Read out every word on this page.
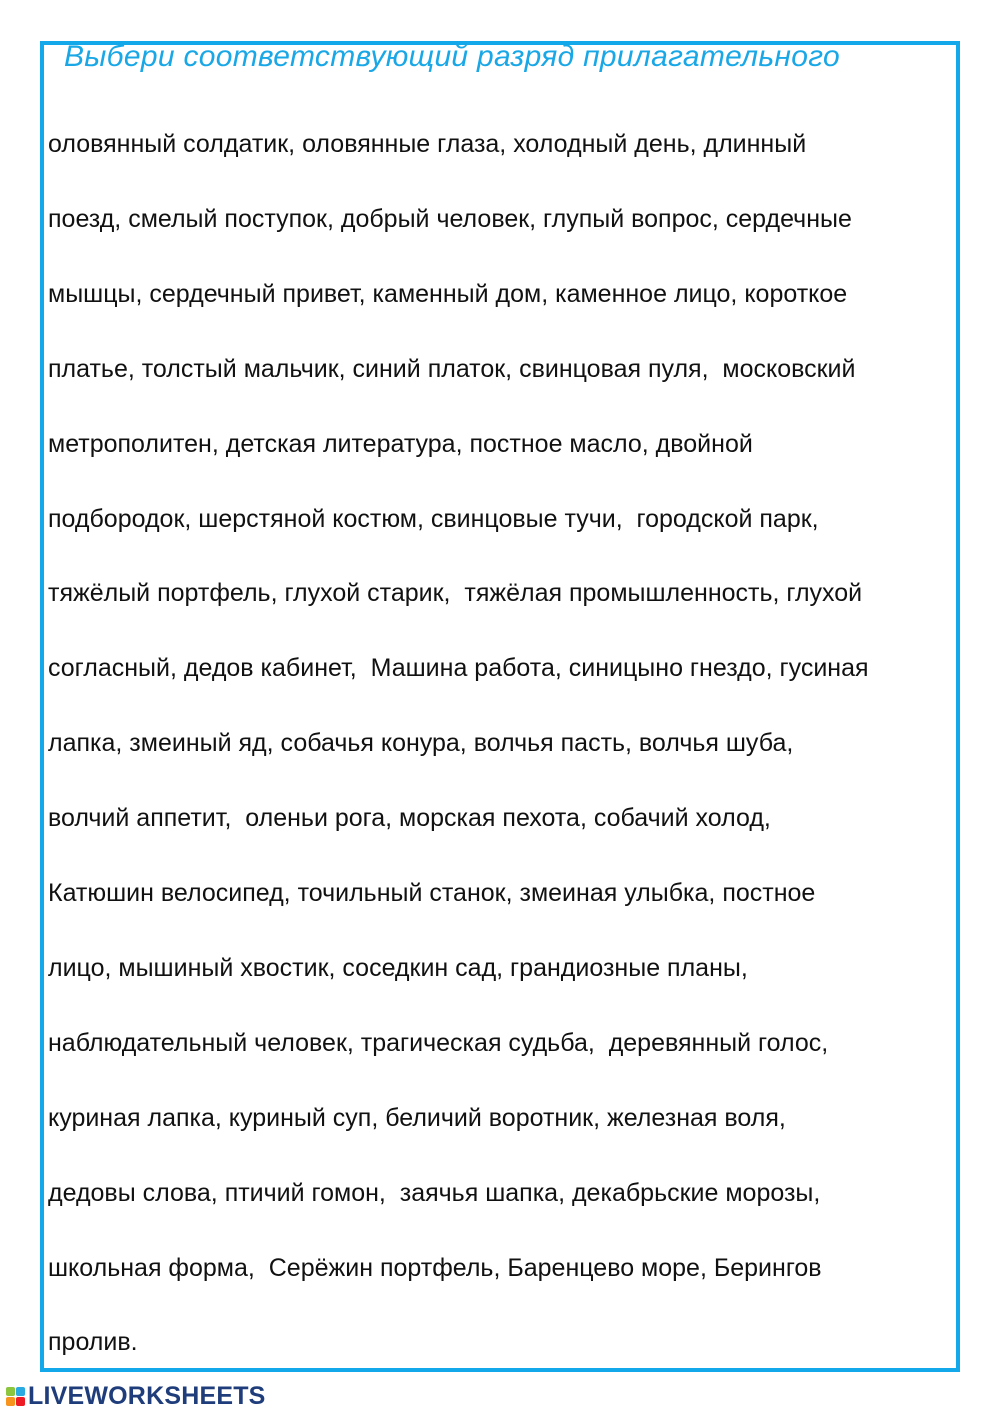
Выбери соответствующий разряд прилагательного
оловянный солдатик, оловянные глаза, холодный день, длинный
поезд, смелый поступок, добрый человек, глупый вопрос, сердечные
мышцы, сердечный привет, каменный дом, каменное лицо, короткое
платье, толстый мальчик, синий платок, свинцовая пуля,  московский
метрополитен, детская литература, постное масло, двойной
подбородок, шерстяной костюм, свинцовые тучи,  городской парк,
тяжёлый портфель, глухой старик,  тяжёлая промышленность, глухой
согласный, дедов кабинет,  Машина работа, синицыно гнездо, гусиная
лапка, змеиный яд, собачья конура, волчья пасть, волчья шуба,
волчий аппетит,  оленьи рога, морская пехота, собачий холод,
Катюшин велосипед, точильный станок, змеиная улыбка, постное
лицо, мышиный хвостик, соседкин сад, грандиозные планы,
наблюдательный человек, трагическая судьба,  деревянный голос,
куриная лапка, куриный суп, беличий воротник, железная воля,
дедовы слова, птичий гомон,  заячья шапка, декабрьские морозы,
школьная форма,  Серёжин портфель, Баренцево море, Берингов
пролив.
LIVEWORKSHEETS
